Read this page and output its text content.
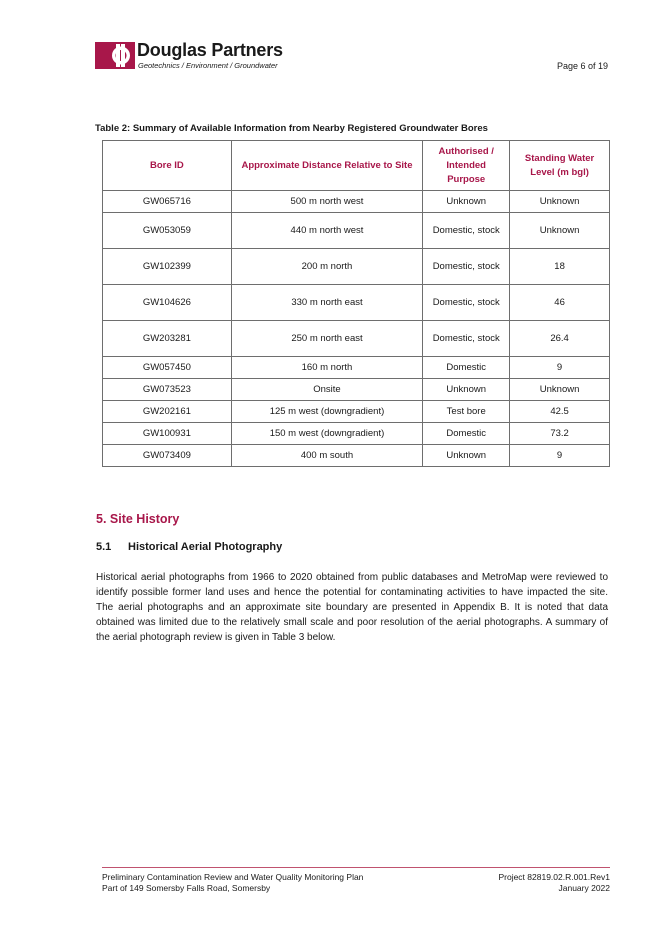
Douglas Partners
Geotechnics / Environment / Groundwater	Page 6 of 19
Table 2: Summary of Available Information from Nearby Registered Groundwater Bores
Bore ID	Approximate Distance Relative to Site	Authorised / Intended Purpose	Standing Water Level (m bgl)
GW065716	500 m north west	Unknown	Unknown
GW053059	440 m north west	Domestic, stock	Unknown
GW102399	200 m north	Domestic, stock	18
GW104626	330 m north east	Domestic, stock	46
GW203281	250 m north east	Domestic, stock	26.4
GW057450	160 m north	Domestic	9
GW073523	Onsite	Unknown	Unknown
GW202161	125 m west (downgradient)	Test bore	42.5
GW100931	150 m west (downgradient)	Domestic	73.2
GW073409	400 m south	Unknown	9
5. Site History
5.1 Historical Aerial Photography
Historical aerial photographs from 1966 to 2020 obtained from public databases and MetroMap were reviewed to identify possible former land uses and hence the potential for contaminating activities to have impacted the site. The aerial photographs and an approximate site boundary are presented in Appendix B. It is noted that data obtained was limited due to the relatively small scale and poor resolution of the aerial photographs. A summary of the aerial photograph review is given in Table 3 below.
Preliminary Contamination Review and Water Quality Monitoring Plan
Part of 149 Somersby Falls Road, Somersby
Project 82819.02.R.001.Rev1
January 2022
